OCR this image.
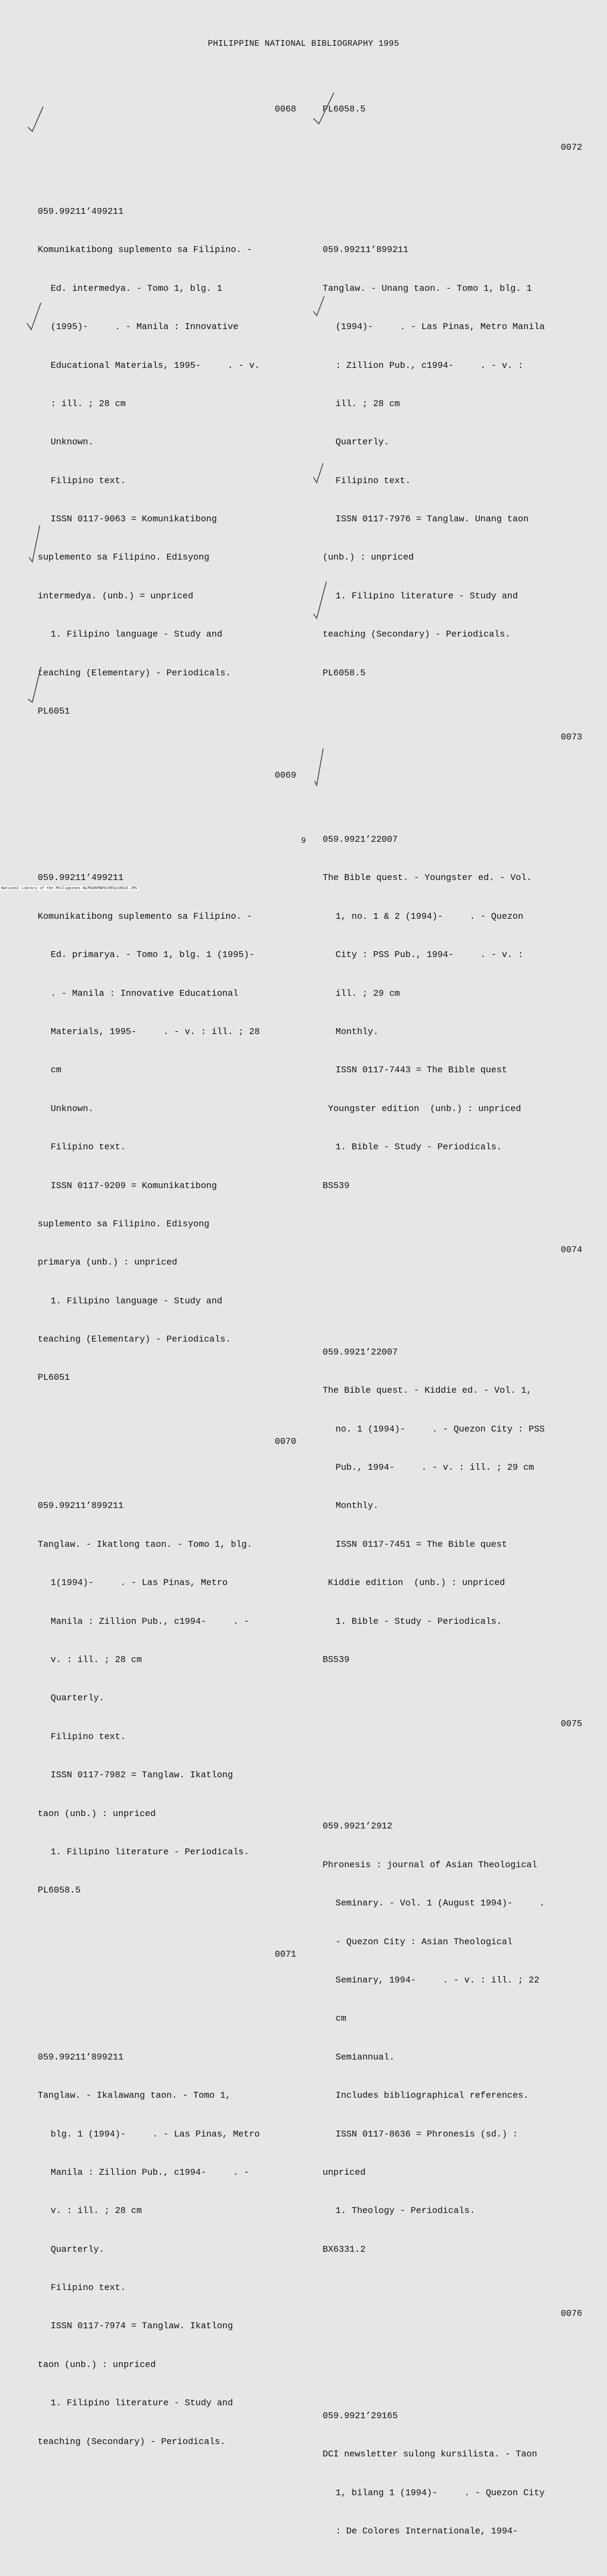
PHILIPPINE NATIONAL BIBLIOGRAPHY 1995

0068

059.99211’499211

Komunikatibong suplemento sa Filipino. -

Ed. intermedya. - Tomo 1, blg. 1

(1995)-     . - Manila : Innovative

Educational Materials, 1995-     . - v.

: ill. ; 28 cm

Unknown.

Filipino text.

ISSN 0117-9063 = Komunikatibong

suplemento sa Filipino. Edisyong

intermedya. (unb.) = unpriced

1. Filipino language - Study and

teaching (Elementary) - Periodicals.

PL6051

0069

059.99211’499211

Komunikatibong suplemento sa Filipino. -

Ed. primarya. - Tomo 1, blg. 1 (1995)-

. - Manila : Innovative Educational

Materials, 1995-     . - v. : ill. ; 28

cm

Unknown.

Filipino text.

ISSN 0117-9209 = Komunikatibong

suplemento sa Filipino. Edisyong

primarya (unb.) : unpriced

1. Filipino language - Study and

teaching (Elementary) - Periodicals.

PL6051

0070

059.99211’899211

Tanglaw. - Ikatlong taon. - Tomo 1, blg.

1(1994)-     . - Las Pinas, Metro

Manila : Zillion Pub., c1994-     . -

v. : ill. ; 28 cm

Quarterly.

Filipino text.

ISSN 0117-7982 = Tanglaw. Ikatlong

taon (unb.) : unpriced

1. Filipino literature - Periodicals.

PL6058.5

0071

059.99211’899211

Tanglaw. - Ikalawang taon. - Tomo 1,

blg. 1 (1994)-     . - Las Pinas, Metro

Manila : Zillion Pub., c1994-     . -

v. : ill. ; 28 cm

Quarterly.

Filipino text.

ISSN 0117-7974 = Tanglaw. Ikatlong

taon (unb.) : unpriced

1. Filipino literature - Study and

teaching (Secondary) - Periodicals.

PL6058.5

0072

059.99211’899211

Tanglaw. - Unang taon. - Tomo 1, blg. 1

(1994)-     . - Las Pinas, Metro Manila

: Zillion Pub., c1994-     . - v. :

ill. ; 28 cm

Quarterly.

Filipino text.

ISSN 0117-7976 = Tanglaw. Unang taon

(unb.) : unpriced

1. Filipino literature - Study and

teaching (Secondary) - Periodicals.

PL6058.5

0073

059.9921’22007

The Bible quest. - Youngster ed. - Vol.

1, no. 1 & 2 (1994)-     . - Quezon

City : PSS Pub., 1994-     . - v. :

ill. ; 29 cm

Monthly.

ISSN 0117-7443 = The Bible quest

Youngster edition  (unb.) : unpriced

1. Bible - Study - Periodicals.

BS539

0074

059.9921’22007

The Bible quest. - Kiddie ed. - Vol. 1,

no. 1 (1994)-     . - Quezon City : PSS

Pub., 1994-     . - v. : ill. ; 29 cm

Monthly.

ISSN 0117-7451 = The Bible quest

Kiddie edition  (unb.) : unpriced

1. Bible - Study - Periodicals.

BS539

0075

059.9921’2912

Phronesis : journal of Asian Theological

Seminary. - Vol. 1 (August 1994)-     .

- Quezon City : Asian Theological

Seminary, 1994-     . - v. : ill. ; 22

cm

Semiannual.

Includes bibliographical references.

ISSN 0117-8636 = Phronesis (sd.) :

unpriced

1. Theology - Periodicals.

BX6331.2

0076

059.9921’29165

DCI newsletter sulong kursilista. - Taon

1, bilang 1 (1994)-     . - Quezon City

: De Colores Internationale, 1994-

9
National Library of the Philippines NLPNSRPN091995p10023.JPG
